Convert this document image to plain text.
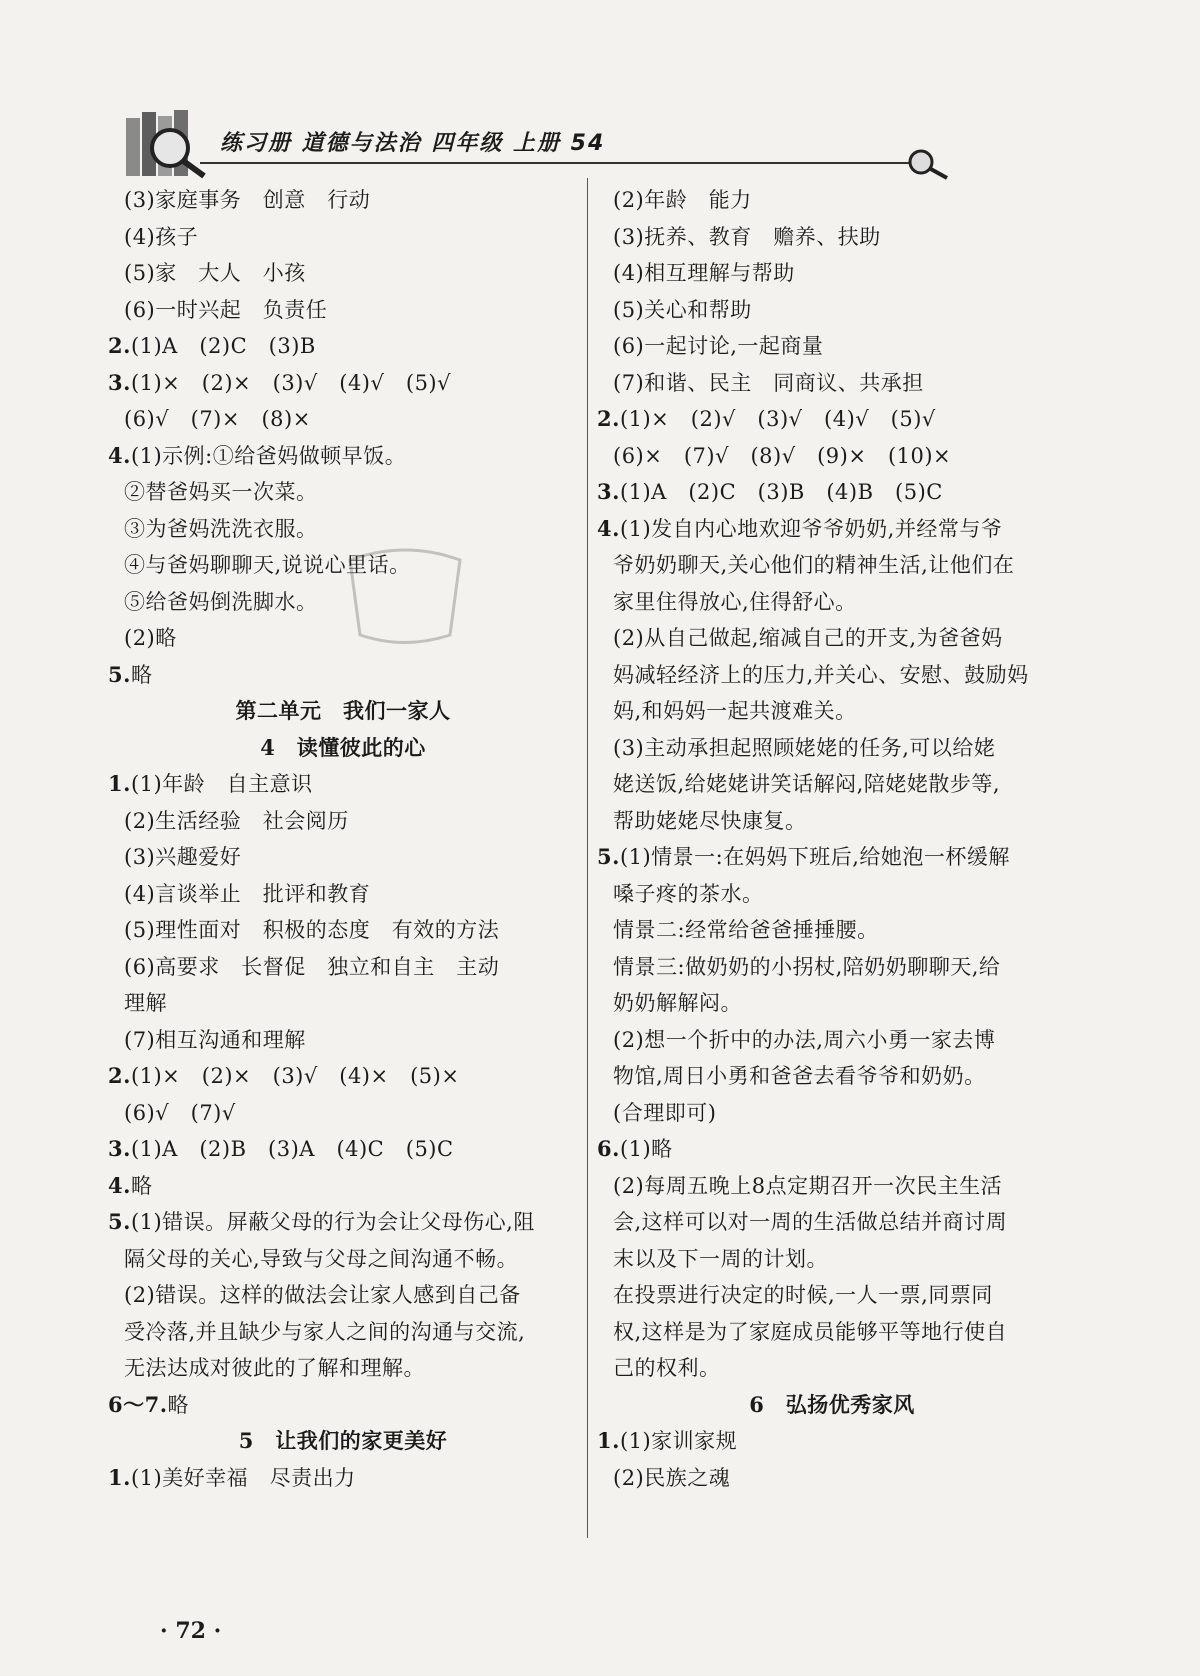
练习册 道德与法治 四年级 上册 54
(3)家庭事务　创意　行动
(4)孩子
(5)家　大人　小孩
(6)一时兴起　负责任
2.(1)A　(2)C　(3)B
3.(1)×　(2)×　(3)√　(4)√　(5)√
(6)√　(7)×　(8)×
4.(1)示例:①给爸妈做顿早饭。
②替爸妈买一次菜。
③为爸妈洗洗衣服。
④与爸妈聊聊天,说说心里话。
⑤给爸妈倒洗脚水。
(2)略
5.略
第二单元　我们一家人
4　读懂彼此的心
1.(1)年龄　自主意识
(2)生活经验　社会阅历
(3)兴趣爱好
(4)言谈举止　批评和教育
(5)理性面对　积极的态度　有效的方法
(6)高要求　长督促　独立和自主　主动
理解
(7)相互沟通和理解
2.(1)×　(2)×　(3)√　(4)×　(5)×
(6)√　(7)√
3.(1)A　(2)B　(3)A　(4)C　(5)C
4.略
5.(1)错误。屏蔽父母的行为会让父母伤心,阻
隔父母的关心,导致与父母之间沟通不畅。
(2)错误。这样的做法会让家人感到自己备
受冷落,并且缺少与家人之间的沟通与交流,
无法达成对彼此的了解和理解。
6～7.略
5　让我们的家更美好
1.(1)美好幸福　尽责出力
(2)年龄　能力
(3)抚养、教育　赡养、扶助
(4)相互理解与帮助
(5)关心和帮助
(6)一起讨论,一起商量
(7)和谐、民主　同商议、共承担
2.(1)×　(2)√　(3)√　(4)√　(5)√
(6)×　(7)√　(8)√　(9)×　(10)×
3.(1)A　(2)C　(3)B　(4)B　(5)C
4.(1)发自内心地欢迎爷爷奶奶,并经常与爷
爷奶奶聊天,关心他们的精神生活,让他们在
家里住得放心,住得舒心。
(2)从自己做起,缩减自己的开支,为爸爸妈
妈减轻经济上的压力,并关心、安慰、鼓励妈
妈,和妈妈一起共渡难关。
(3)主动承担起照顾姥姥的任务,可以给姥
姥送饭,给姥姥讲笑话解闷,陪姥姥散步等,
帮助姥姥尽快康复。
5.(1)情景一:在妈妈下班后,给她泡一杯缓解
嗓子疼的茶水。
情景二:经常给爸爸捶捶腰。
情景三:做奶奶的小拐杖,陪奶奶聊聊天,给
奶奶解解闷。
(2)想一个折中的办法,周六小勇一家去博
物馆,周日小勇和爸爸去看爷爷和奶奶。
(合理即可)
6.(1)略
(2)每周五晚上8点定期召开一次民主生活
会,这样可以对一周的生活做总结并商讨周
末以及下一周的计划。
在投票进行决定的时候,一人一票,同票同
权,这样是为了家庭成员能够平等地行使自
己的权利。
6　弘扬优秀家风
1.(1)家训家规
(2)民族之魂
· 72 ·
